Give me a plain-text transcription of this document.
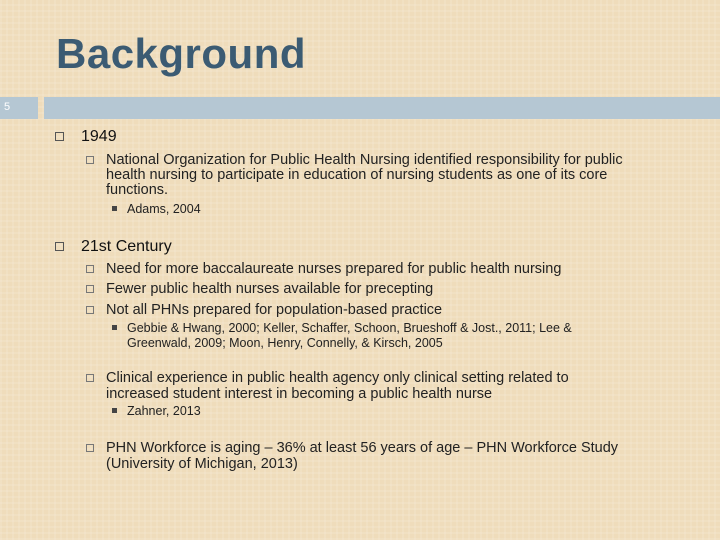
Background
5

1949

National Organization for Public Health Nursing identified responsibility for public

health nursing to participate in education of nursing students as one of its core

functions.

Adams, 2004

21st Century

Need for more baccalaureate nurses prepared for public health nursing

Fewer public health nurses available for precepting

Not all PHNs prepared for population-based practice

Gebbie & Hwang, 2000; Keller, Schaffer, Schoon, Brueshoff & Jost., 2011; Lee &

Greenwald, 2009; Moon, Henry, Connelly, & Kirsch, 2005

Clinical experience in public health agency only clinical setting related to

increased student interest in becoming a public health nurse

Zahner, 2013

PHN Workforce is aging – 36% at least 56 years of age – PHN Workforce Study

(University of Michigan, 2013)
